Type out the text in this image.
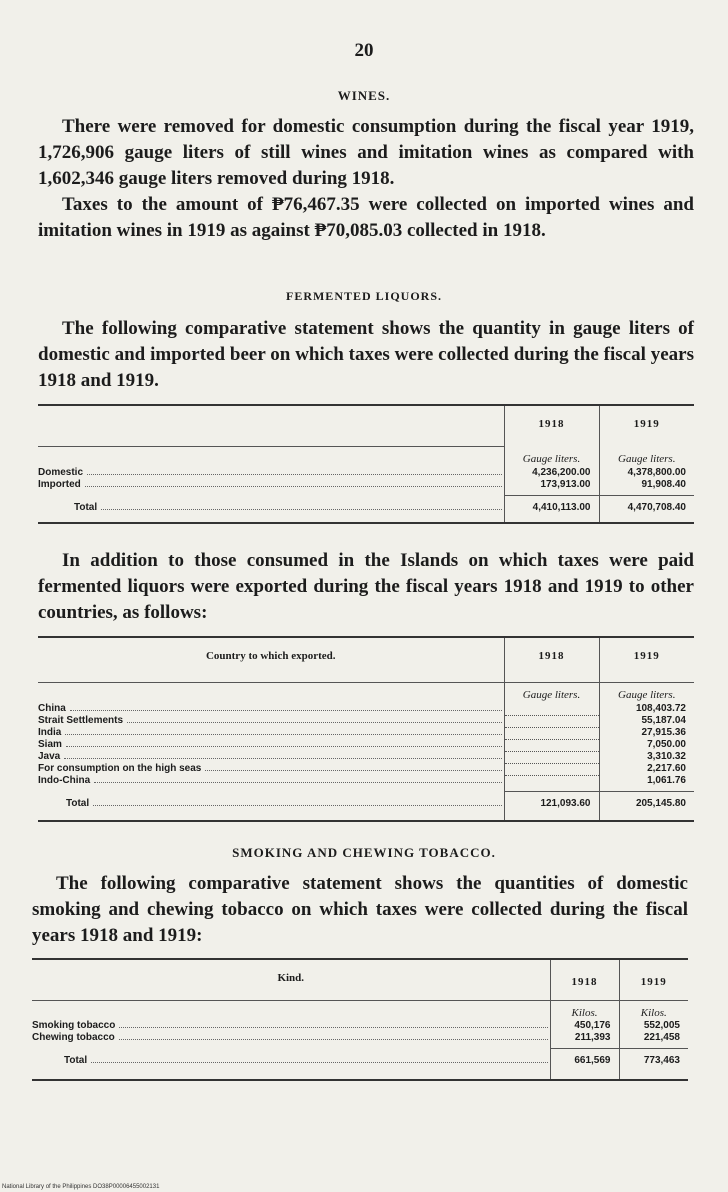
20
WINES.

There were removed for domestic consumption during the fiscal year 1919, 1,726,906 gauge liters of still wines and imitation wines as compared with 1,602,346 gauge liters removed during 1918.

Taxes to the amount of ₱76,467.35 were collected on imported wines and imitation wines in 1919 as against ₱70,085.03 collected in 1918.

FERMENTED LIQUORS.

The following comparative statement shows the quantity in gauge liters of domestic and imported beer on which taxes were collected during the fiscal years 1918 and 1919.

	1918	1919
	Gauge liters.	Gauge liters.

Domestic	4,236,200.00	4,378,800.00

Imported	173,913.00	91,908.40

Total	4,410,113.00	4,470,708.40

In addition to those consumed in the Islands on which taxes were paid fermented liquors were exported during the fiscal years 1918 and 1919 to other countries, as follows:

Country to which exported.	1918	1919
	Gauge liters.	Gauge liters.

China		108,403.72

Strait Settlements		55,187.04

India		27,915.36

Siam		7,050.00

Java		3,310.32

For consumption on the high seas		2,217.60

Indo-China		1,061.76

Total	121,093.60	205,145.80
SMOKING AND CHEWING TOBACCO.

The following comparative statement shows the quantities of domestic smoking and chewing tobacco on which taxes were collected during the fiscal years 1918 and 1919:

Kind.	1918	1919
	Kilos.	Kilos.

Smoking tobacco	450,176	552,005

Chewing tobacco	211,393	221,458

Total	661,569	773,463
National Library of the Philippines DO38P00006455002131
